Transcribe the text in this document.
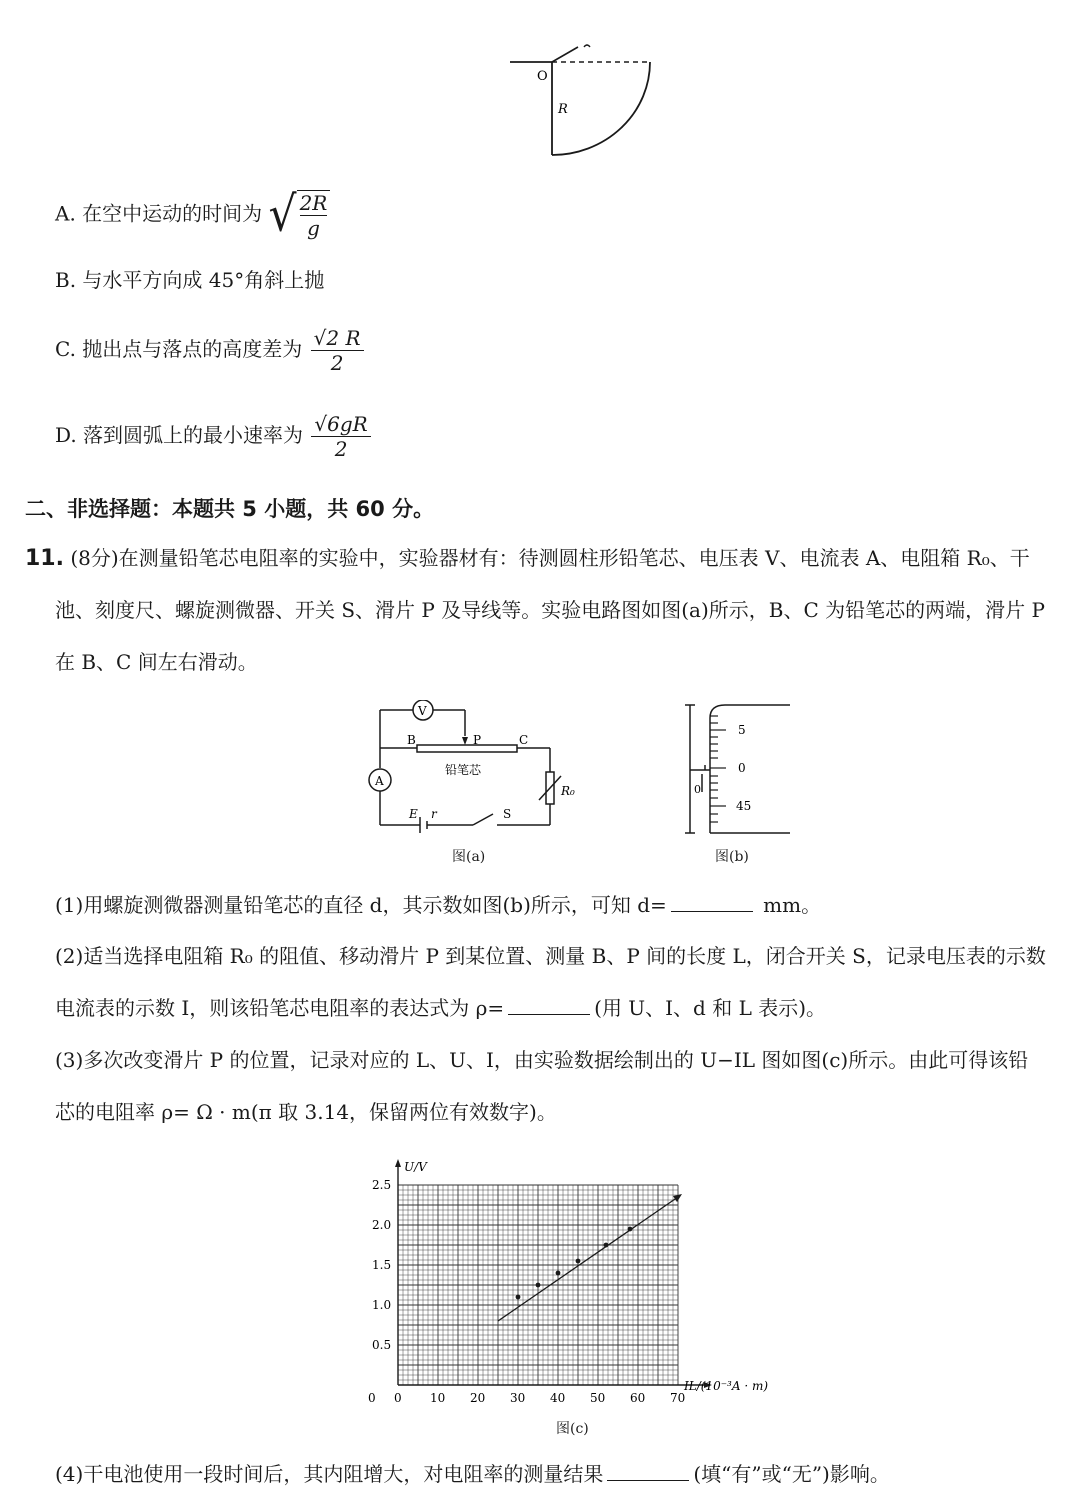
O
R
A. 在空中运动的时间为 √ $\frac{2R}{g}$
B. 与水平方向成 45°角斜上抛
C. 抛出点与落点的高度差为 $\frac{√2 R}{2}$
D. 落到圆弧上的最小速率为 $\frac{√6gR}{2}$
二、非选择题：本题共 5 小题，共 60 分。
11. (8分)在测量铅笔芯电阻率的实验中，实验器材有：待测圆柱形铅笔芯、电压表 V、电流表 A、电阻箱 R₀、干
池、刻度尺、螺旋测微器、开关 S、滑片 P 及导线等。实验电路图如图(a)所示，B、C 为铅笔芯的两端，滑片 P
在 B、C 间左右滑动。
V
A
B	P	C
铅笔芯
E r	S
R₀
图(a)
5
0
45
0
图(b)
(1)用螺旋测微器测量铅笔芯的直径 d，其示数如图(b)所示，可知 d=	mm。
(2)适当选择电阻箱 R₀ 的阻值、移动滑片 P 到某位置、测量 B、P 间的长度 L，闭合开关 S，记录电压表的示数
电流表的示数 I，则该铅笔芯电阻率的表达式为 ρ=	(用 U、I、d 和 L 表示)。
(3)多次改变滑片 P 的位置，记录对应的 L、U、I，由实验数据绘制出的 U−IL 图如图(c)所示。由此可得该铅
芯的电阻率 ρ= Ω · m(π 取 3.14，保留两位有效数字)。
0 10 20 30 40 50 60 70
0.5
1.0
1.5
2.0
2.5
0
IL/(10⁻³A · m)
U/V
图(c)
(4)干电池使用一段时间后，其内阻增大，对电阻率的测量结果	(填“有”或“无”)影响。
